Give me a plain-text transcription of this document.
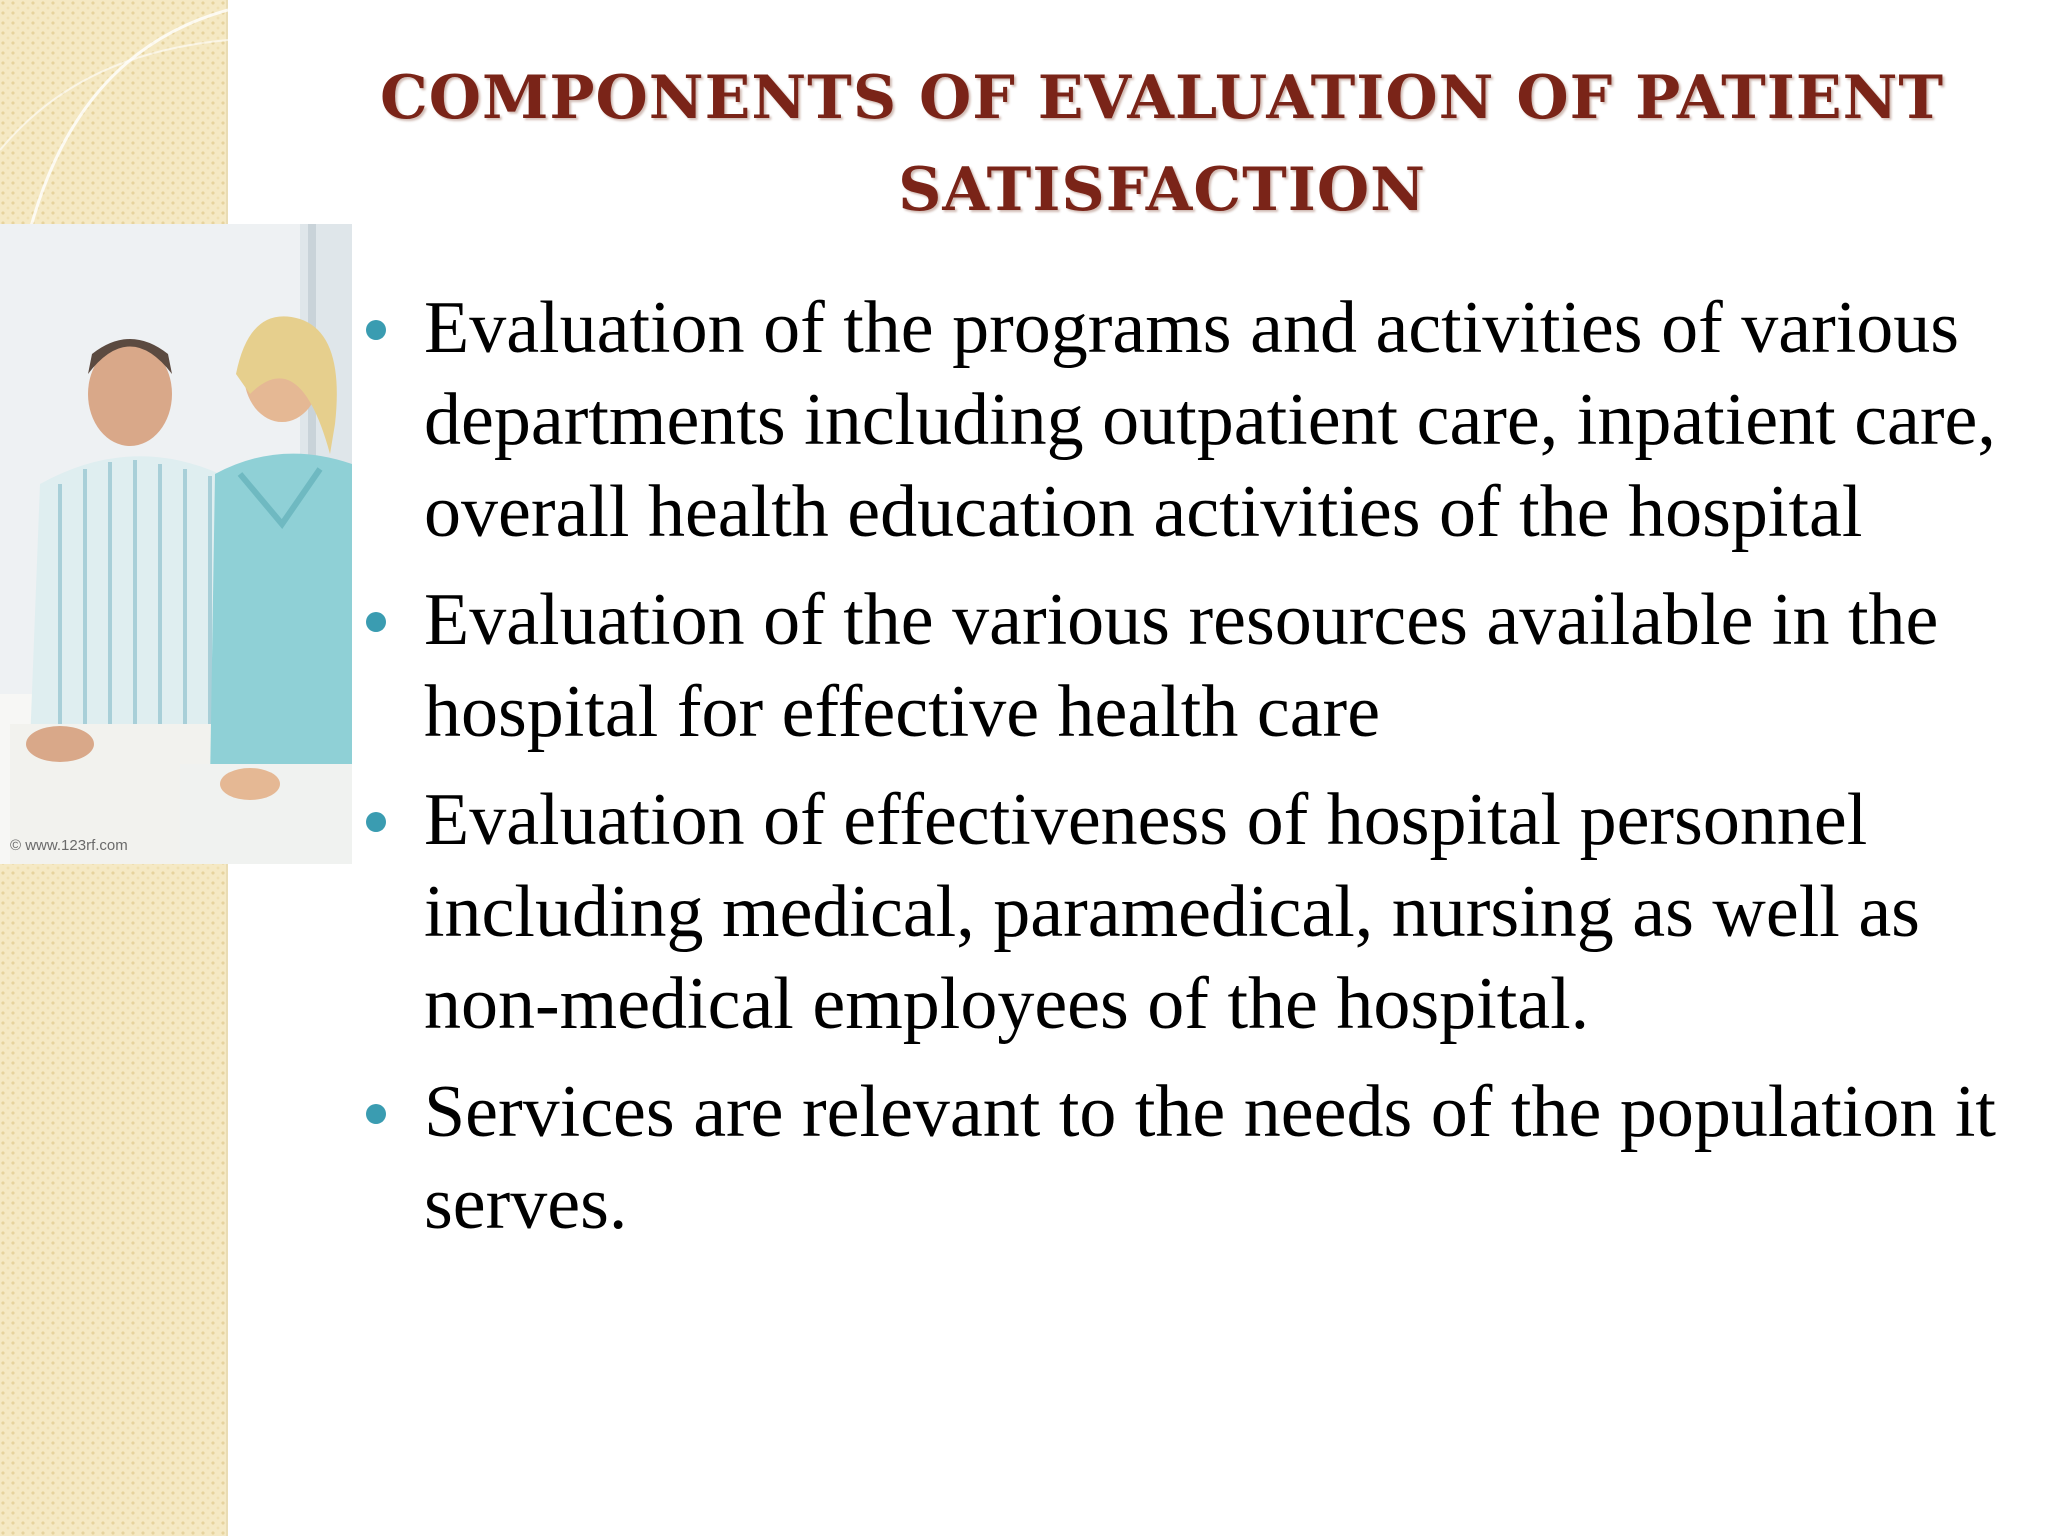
© www.123rf.com
COMPONENTS OF EVALUATION OF PATIENT SATISFACTION
Evaluation of the programs and activities of various departments including outpatient care, inpatient care, overall health education activities of the hospital
Evaluation of the various resources available in the hospital for effective health care
Evaluation of effectiveness of hospital personnel including medical, paramedical, nursing as well as non-medical employees of the hospital.
Services are relevant to the needs of the population it serves.
